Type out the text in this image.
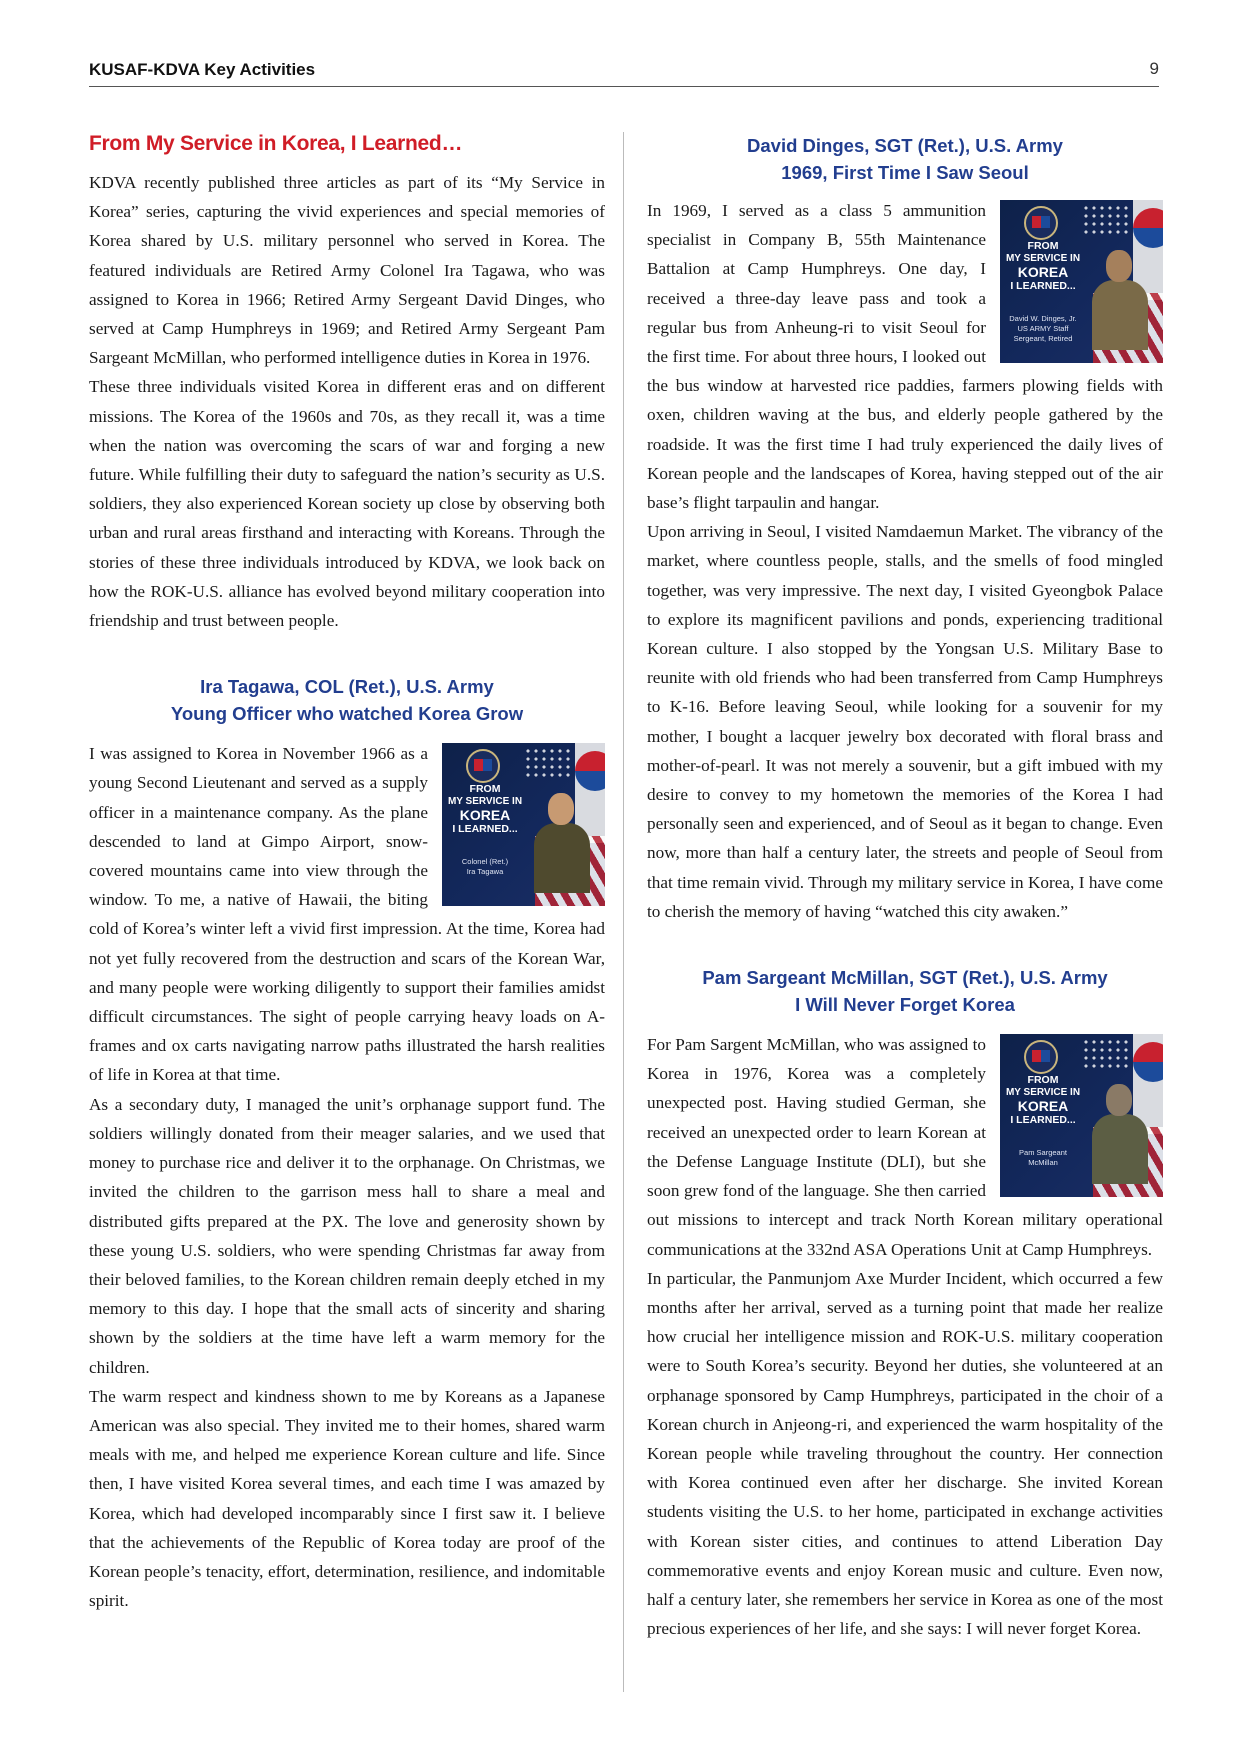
KUSAF-KDVA Key Activities	9
From My Service in Korea, I Learned…

KDVA recently published three articles as part of its “My Service in Korea” series, capturing the vivid experiences and special memories of Korea shared by U.S. military personnel who served in Korea. The featured individuals are Retired Army Colonel Ira Tagawa, who was assigned to Korea in 1966; Retired Army Sergeant David Dinges, who served at Camp Humphreys in 1969; and Retired Army Sergeant Pam Sargeant McMillan, who performed intelligence duties in Korea in 1976.

These three individuals visited Korea in different eras and on different missions. The Korea of the 1960s and 70s, as they recall it, was a time when the nation was overcoming the scars of war and forging a new future. While fulfilling their duty to safeguard the nation’s security as U.S. soldiers, they also experienced Korean society up close by observing both urban and rural areas firsthand and interacting with Koreans. Through the stories of these three individuals introduced by KDVA, we look back on how the ROK-U.S. alliance has evolved beyond military cooperation into friendship and trust between people.

Ira Tagawa, COL (Ret.), U.S. Army
Young Officer who watched Korea Grow
FROM
MY SERVICE IN
KOREA
I LEARNED...
Colonel (Ret.)
Ira Tagawa

I was assigned to Korea in November 1966 as a young Second Lieutenant and served as a supply officer in a maintenance company. As the plane descended to land at Gimpo Airport, snow-covered mountains came into view through the window. To me, a native of Hawaii, the biting cold of Korea’s winter left a vivid first impression. At the time, Korea had not yet fully recovered from the destruction and scars of the Korean War, and many people were working diligently to support their families amidst difficult circumstances. The sight of people carrying heavy loads on A-frames and ox carts navigating narrow paths illustrated the harsh realities of life in Korea at that time.

As a secondary duty, I managed the unit’s orphanage support fund. The soldiers willingly donated from their meager salaries, and we used that money to purchase rice and deliver it to the orphanage. On Christmas, we invited the children to the garrison mess hall to share a meal and distributed gifts prepared at the PX. The love and generosity shown by these young U.S. soldiers, who were spending Christmas far away from their beloved families, to the Korean children remain deeply etched in my memory to this day. I hope that the small acts of sincerity and sharing shown by the soldiers at the time have left a warm memory for the children.

The warm respect and kindness shown to me by Koreans as a Japanese American was also special. They invited me to their homes, shared warm meals with me, and helped me experience Korean culture and life. Since then, I have visited Korea several times, and each time I was amazed by Korea, which had developed incomparably since I first saw it. I believe that the achievements of the Republic of Korea today are proof of the Korean people’s tenacity, effort, determination, resilience, and indomitable spirit.

David Dinges, SGT (Ret.), U.S. Army
1969, First Time I Saw Seoul
FROM
MY SERVICE IN
KOREA
I LEARNED...
David W. Dinges, Jr.
US ARMY Staff
Sergeant, Retired

In 1969, I served as a class 5 ammunition specialist in Company B, 55th Maintenance Battalion at Camp Humphreys. One day, I received a three-day leave pass and took a regular bus from Anheung-ri to visit Seoul for the first time. For about three hours, I looked out the bus window at harvested rice paddies, farmers plowing fields with oxen, children waving at the bus, and elderly people gathered by the roadside. It was the first time I had truly experienced the daily lives of Korean people and the landscapes of Korea, having stepped out of the air base’s flight tarpaulin and hangar.

Upon arriving in Seoul, I visited Namdaemun Market. The vibrancy of the market, where countless people, stalls, and the smells of food mingled together, was very impressive. The next day, I visited Gyeongbok Palace to explore its magnificent pavilions and ponds, experiencing traditional Korean culture. I also stopped by the Yongsan U.S. Military Base to reunite with old friends who had been transferred from Camp Humphreys to K-16. Before leaving Seoul, while looking for a souvenir for my mother, I bought a lacquer jewelry box decorated with floral brass and mother-of-pearl. It was not merely a souvenir, but a gift imbued with my desire to convey to my hometown the memories of the Korea I had personally seen and experienced, and of Seoul as it began to change. Even now, more than half a century later, the streets and people of Seoul from that time remain vivid. Through my military service in Korea, I have come to cherish the memory of having “watched this city awaken.”

Pam Sargeant McMillan, SGT (Ret.), U.S. Army
I Will Never Forget Korea
FROM
MY SERVICE IN
KOREA
I LEARNED...
Pam Sargeant
McMillan

For Pam Sargent McMillan, who was assigned to Korea in 1976, Korea was a completely unexpected post. Having studied German, she received an unexpected order to learn Korean at the Defense Language Institute (DLI), but she soon grew fond of the language. She then carried out missions to intercept and track North Korean military operational communications at the 332nd ASA Operations Unit at Camp Humphreys.

In particular, the Panmunjom Axe Murder Incident, which occurred a few months after her arrival, served as a turning point that made her realize how crucial her intelligence mission and ROK-U.S. military cooperation were to South Korea’s security. Beyond her duties, she volunteered at an orphanage sponsored by Camp Humphreys, participated in the choir of a Korean church in Anjeong-ri, and experienced the warm hospitality of the Korean people while traveling throughout the country. Her connection with Korea continued even after her discharge. She invited Korean students visiting the U.S. to her home, participated in exchange activities with Korean sister cities, and continues to attend Liberation Day commemorative events and enjoy Korean music and culture. Even now, half a century later, she remembers her service in Korea as one of the most precious experiences of her life, and she says: I will never forget Korea.
